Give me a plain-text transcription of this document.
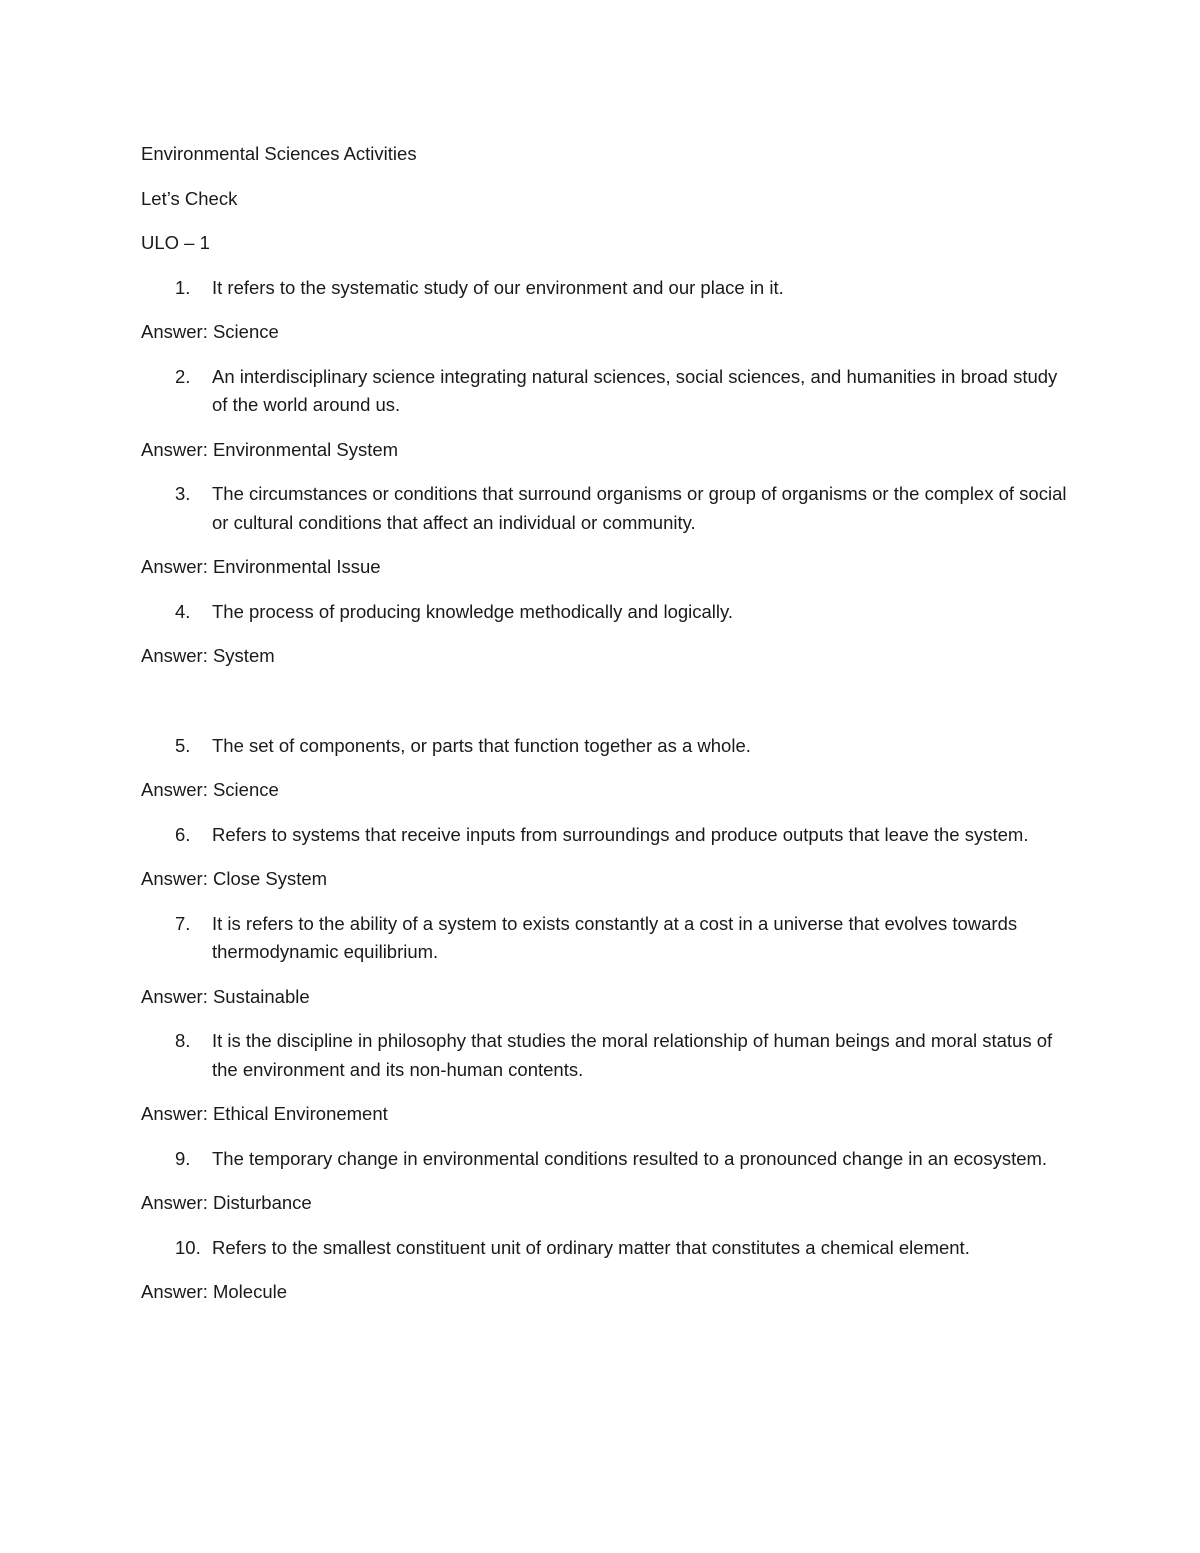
Environmental Sciences Activities
Let’s Check
ULO – 1
1.	It refers to the systematic study of our environment and our place in it.
Answer: Science
2.	An interdisciplinary science integrating natural sciences, social sciences, and humanities in broad study of the world around us.
Answer: Environmental System
3.	The circumstances or conditions that surround organisms or group of organisms or the complex of social or cultural conditions that affect an individual or community.
Answer: Environmental Issue
4.	The process of producing knowledge methodically and logically.
Answer: System
5.	The set of components, or parts that function together as a whole.
Answer: Science
6.	Refers to systems that receive inputs from surroundings and produce outputs that leave the system.
Answer: Close System
7.	It is refers to the ability of a system to exists constantly at a cost in a universe that evolves towards thermodynamic equilibrium.
Answer: Sustainable
8.	It is the discipline in philosophy that studies the moral relationship of human beings and moral status of the environment and its non-human contents.
Answer: Ethical Environement
9.	The temporary change in environmental conditions resulted to a pronounced change in an ecosystem.
Answer: Disturbance
10. Refers to the smallest constituent unit of ordinary matter that constitutes a chemical element.
Answer: Molecule
